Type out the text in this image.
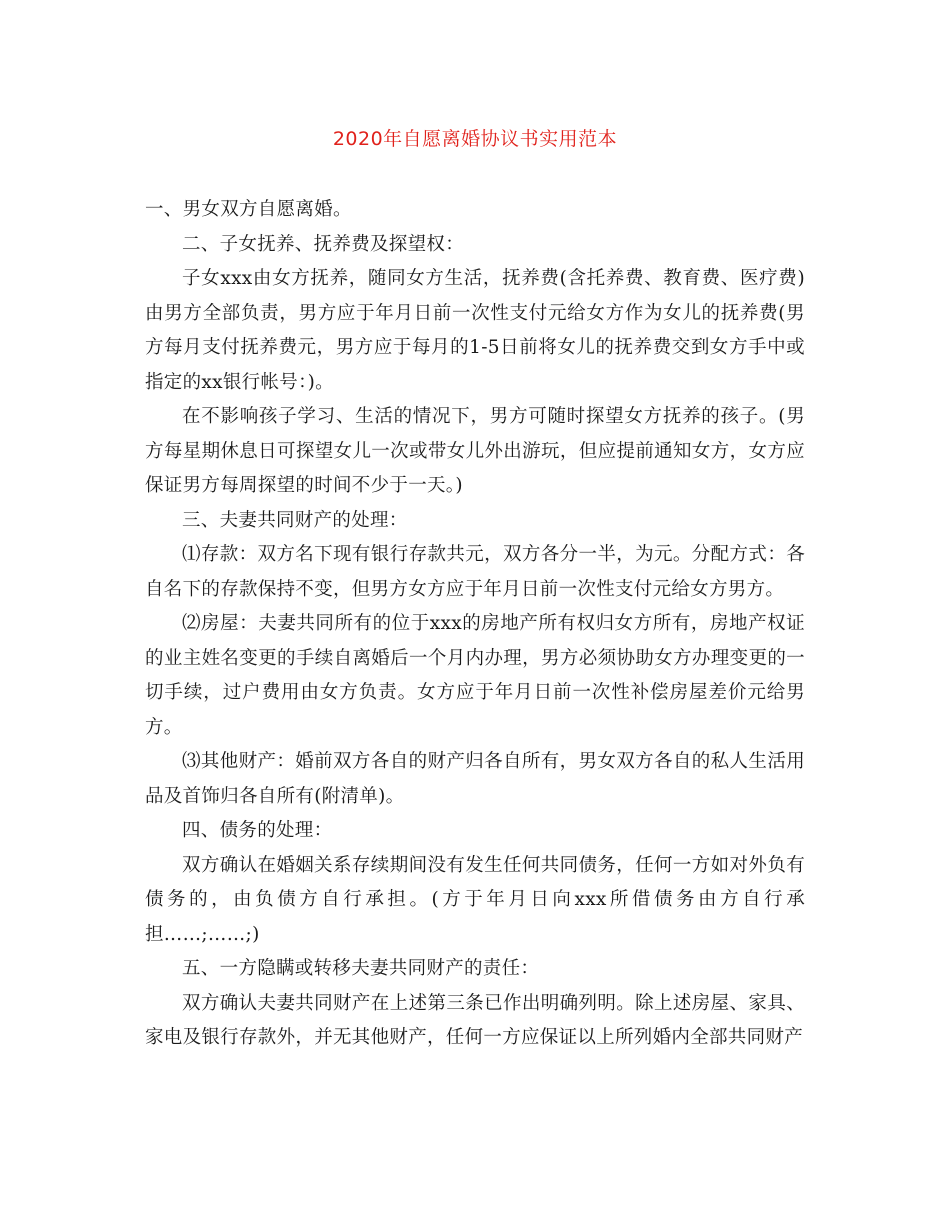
2020年自愿离婚协议书实用范本

一、男女双方自愿离婚。

二、子女抚养、抚养费及探望权：

子女xxx由女方抚养，随同女方生活，抚养费(含托养费、教育费、医疗费)由男方全部负责，男方应于年月日前一次性支付元给女方作为女儿的抚养费(男方每月支付抚养费元，男方应于每月的1-5日前将女儿的抚养费交到女方手中或指定的xx银行帐号：)。

在不影响孩子学习、生活的情况下，男方可随时探望女方抚养的孩子。(男方每星期休息日可探望女儿一次或带女儿外出游玩，但应提前通知女方，女方应保证男方每周探望的时间不少于一天。)

三、夫妻共同财产的处理：

⑴存款：双方名下现有银行存款共元，双方各分一半，为元。分配方式：各自名下的存款保持不变，但男方女方应于年月日前一次性支付元给女方男方。

⑵房屋：夫妻共同所有的位于xxx的房地产所有权归女方所有，房地产权证的业主姓名变更的手续自离婚后一个月内办理，男方必须协助女方办理变更的一切手续，过户费用由女方负责。女方应于年月日前一次性补偿房屋差价元给男方。

⑶其他财产：婚前双方各自的财产归各自所有，男女双方各自的私人生活用品及首饰归各自所有(附清单)。

四、债务的处理：

双方确认在婚姻关系存续期间没有发生任何共同债务，任何一方如对外负有债务的，由负债方自行承担。(方于年月日向xxx所借债务由方自行承担……;……;)

五、一方隐瞒或转移夫妻共同财产的责任：

双方确认夫妻共同财产在上述第三条已作出明确列明。除上述房屋、家具、家电及银行存款外，并无其他财产，任何一方应保证以上所列婚内全部共同财产
